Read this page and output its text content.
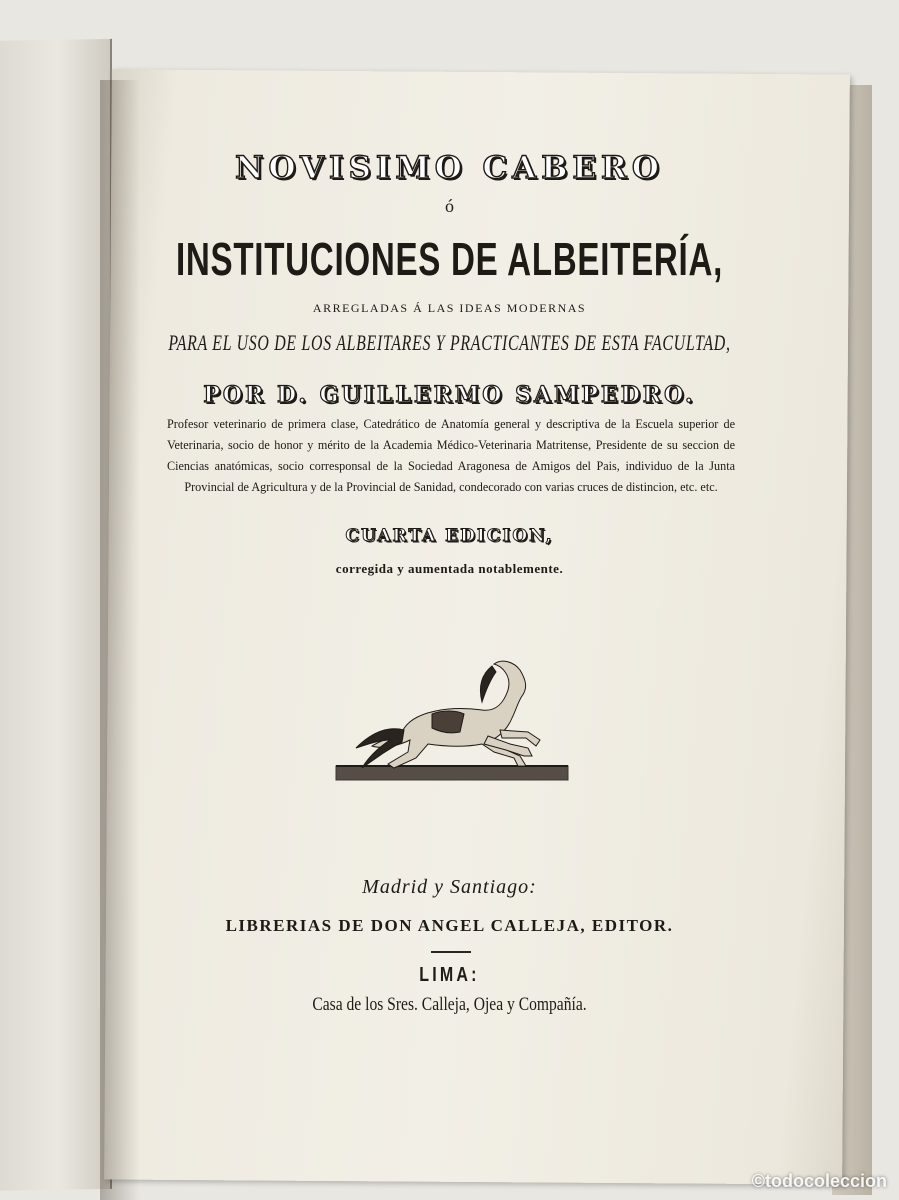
NOVISIMO CABERO
ó
INSTITUCIONES DE ALBEITERÍA,
ARREGLADAS Á LAS IDEAS MODERNAS
PARA EL USO DE LOS ALBEITARES Y PRACTICANTES DE ESTA FACULTAD,
POR D. GUILLERMO SAMPEDRO.
Profesor veterinario de primera clase, Catedrático de Anatomía general y descriptiva de la Escuela superior de Veterinaria, socio de honor y mérito de la Academia Médico-Veterinaria Matritense, Presidente de su seccion de Ciencias anatómicas, socio corresponsal de la Sociedad Aragonesa de Amigos del Pais, individuo de la Junta Provincial de Agricultura y de la Provincial de Sanidad, condecorado con varias cruces de distincion, etc. etc.
CUARTA EDICION,
corregida y aumentada notablemente.
Madrid y Santiago:
LIBRERIAS DE DON ANGEL CALLEJA, EDITOR.
LIMA:
Casa de los Sres. Calleja, Ojea y Compañía.
©todocoleccion
